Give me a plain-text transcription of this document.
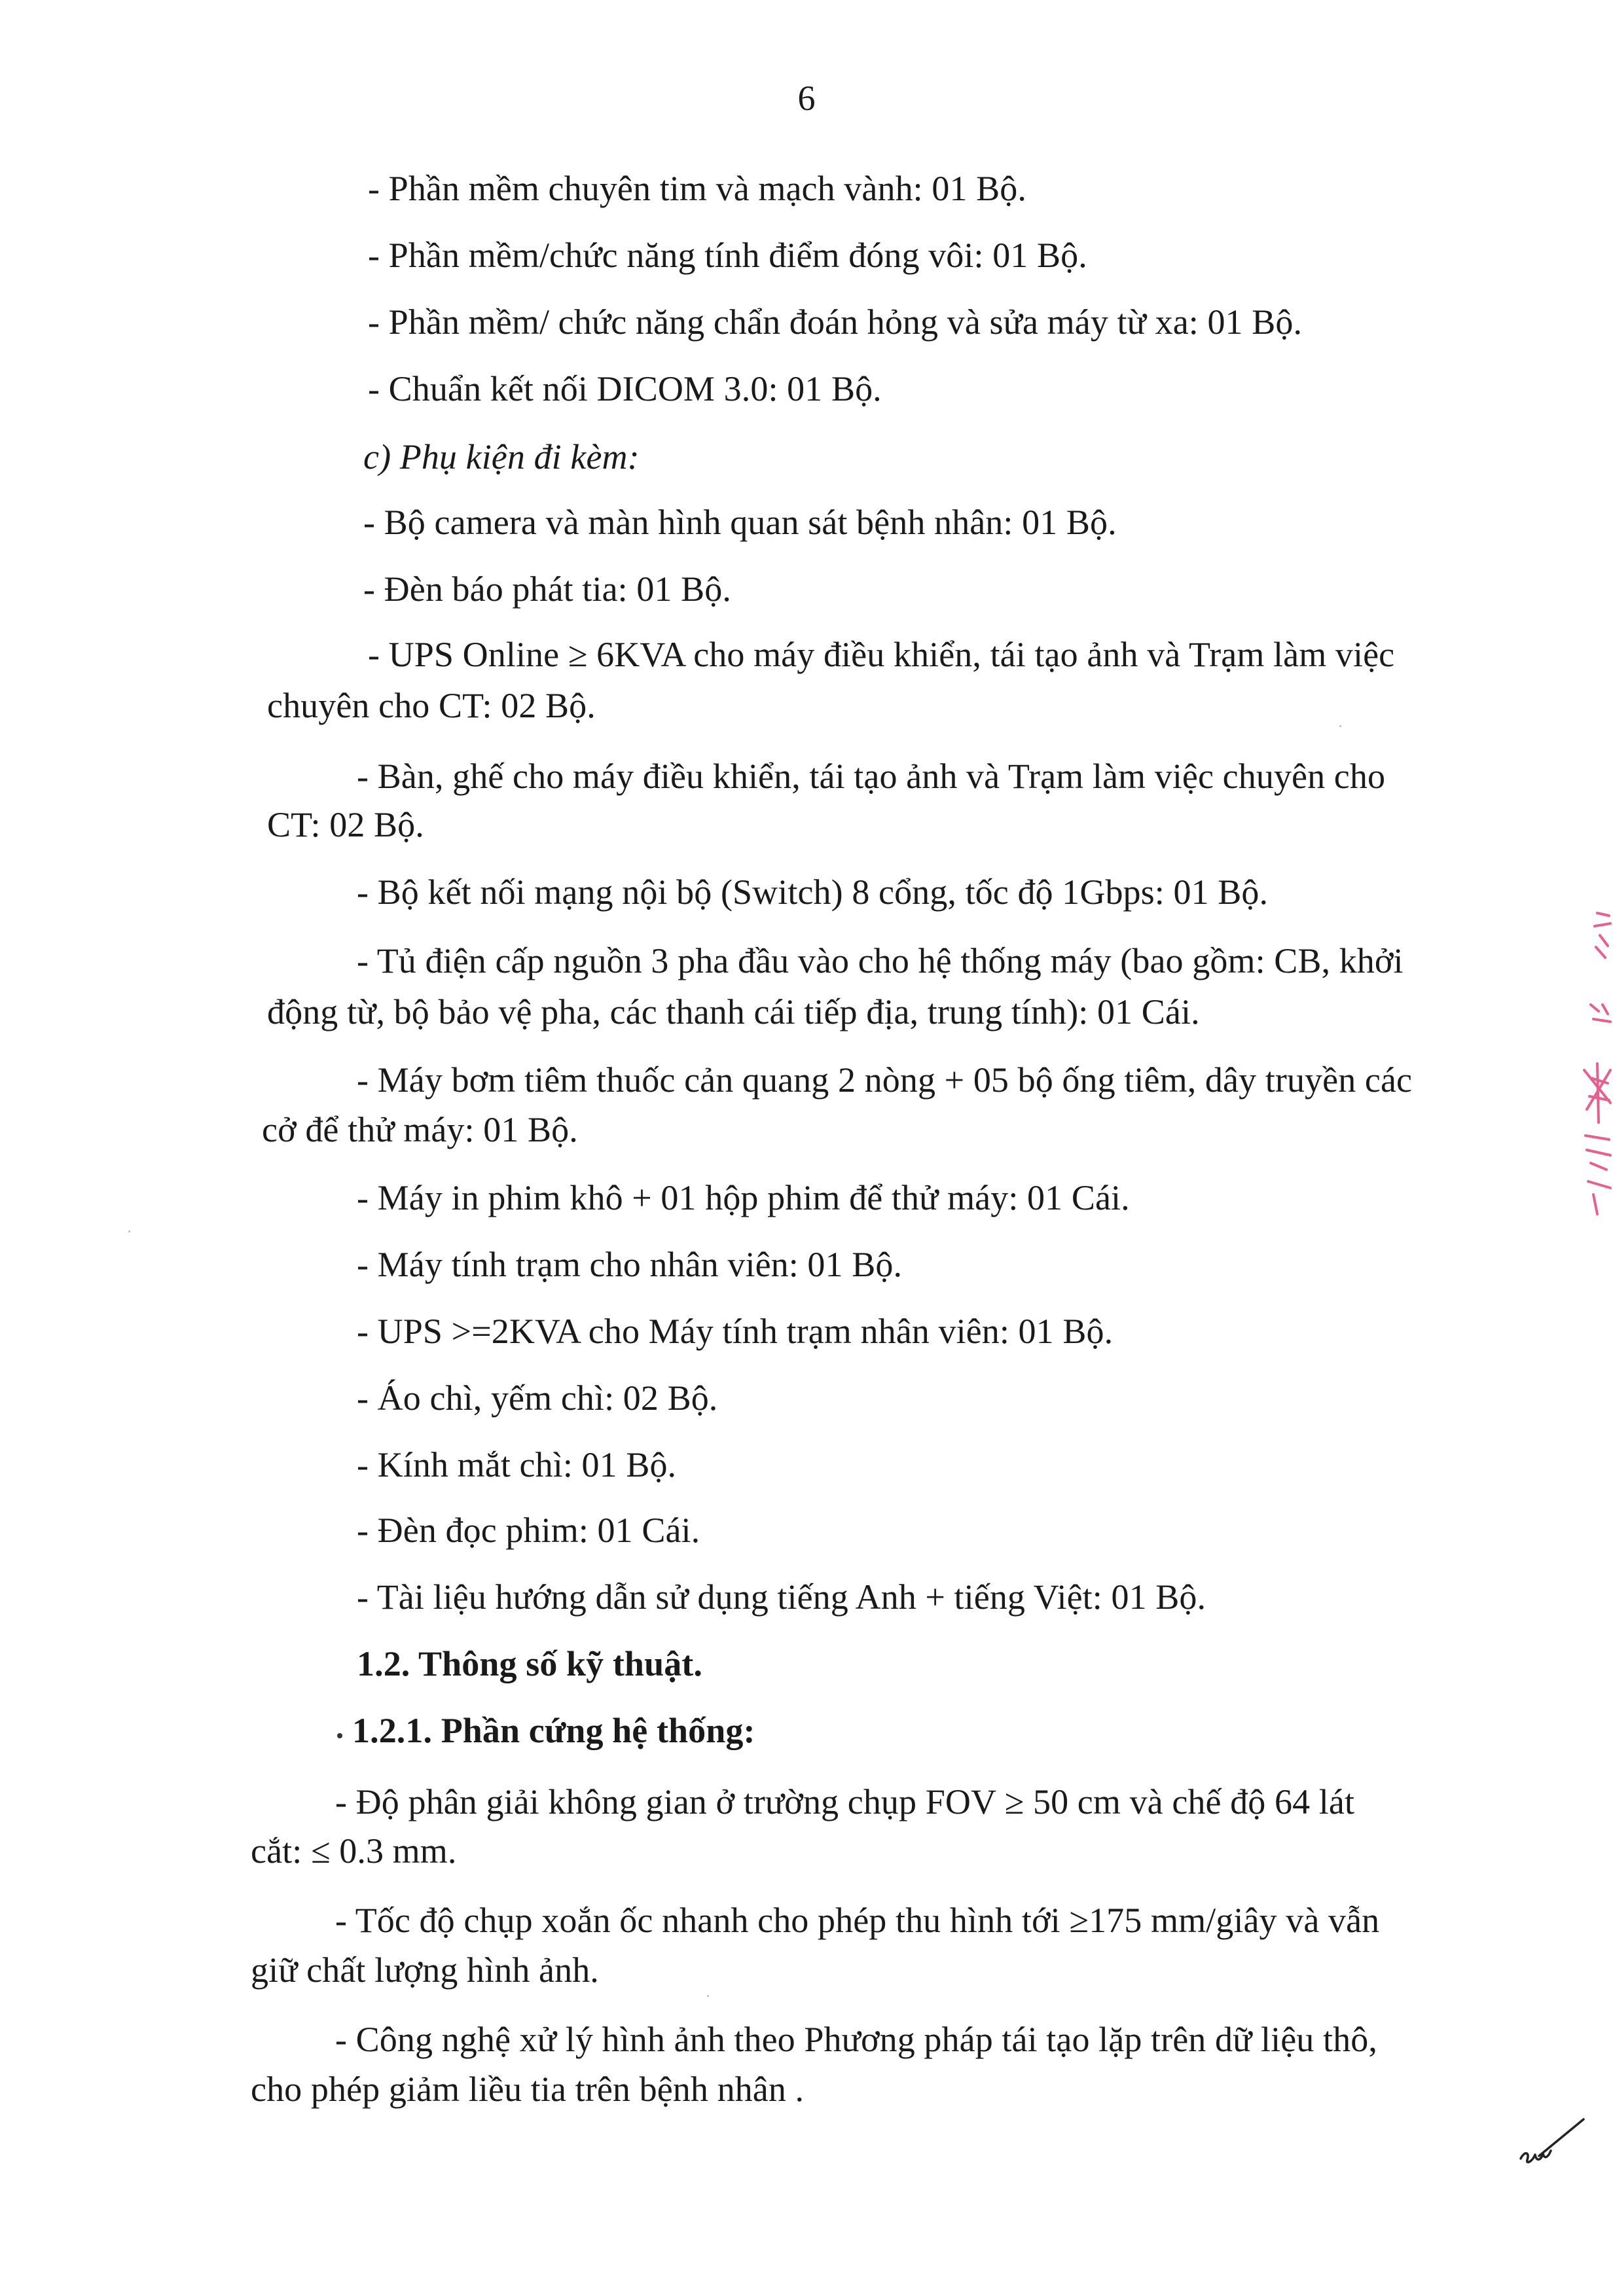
6
- Phần mềm chuyên tim và mạch vành: 01 Bộ.
- Phần mềm/chức năng tính điểm đóng vôi: 01 Bộ.
- Phần mềm/ chức năng chẩn đoán hỏng và sửa máy từ xa: 01 Bộ.
- Chuẩn kết nối DICOM 3.0: 01 Bộ.
c) Phụ kiện đi kèm:
- Bộ camera và màn hình quan sát bệnh nhân: 01 Bộ.
- Đèn báo phát tia: 01 Bộ.
- UPS Online ≥ 6KVA cho máy điều khiển, tái tạo ảnh và Trạm làm việc
chuyên cho CT: 02 Bộ.
- Bàn, ghế cho máy điều khiển, tái tạo ảnh và Trạm làm việc chuyên cho
CT: 02 Bộ.
- Bộ kết nối mạng nội bộ (Switch) 8 cổng, tốc độ 1Gbps: 01 Bộ.
- Tủ điện cấp nguồn 3 pha đầu vào cho hệ thống máy (bao gồm: CB, khởi
động từ, bộ bảo vệ pha, các thanh cái tiếp địa, trung tính): 01 Cái.
- Máy bơm tiêm thuốc cản quang 2 nòng + 05 bộ ống tiêm, dây truyền các
cở để thử máy: 01 Bộ.
- Máy in phim khô + 01 hộp phim để thử máy: 01 Cái.
- Máy tính trạm cho nhân viên: 01 Bộ.
- UPS >=2KVA cho Máy tính trạm nhân viên: 01 Bộ.
- Áo chì, yếm chì: 02 Bộ.
- Kính mắt chì: 01 Bộ.
- Đèn đọc phim: 01 Cái.
- Tài liệu hướng dẫn sử dụng tiếng Anh + tiếng Việt: 01 Bộ.
1.2. Thông số kỹ thuật.
1.2.1. Phần cứng hệ thống:
- Độ phân giải không gian ở trường chụp FOV ≥ 50 cm và chế độ 64 lát
cắt: ≤ 0.3 mm.
- Tốc độ chụp xoắn ốc nhanh cho phép thu hình tới ≥175 mm/giây và vẫn
giữ chất lượng hình ảnh.
- Công nghệ xử lý hình ảnh theo Phương pháp tái tạo lặp trên dữ liệu thô,
cho phép giảm liều tia trên bệnh nhân .
